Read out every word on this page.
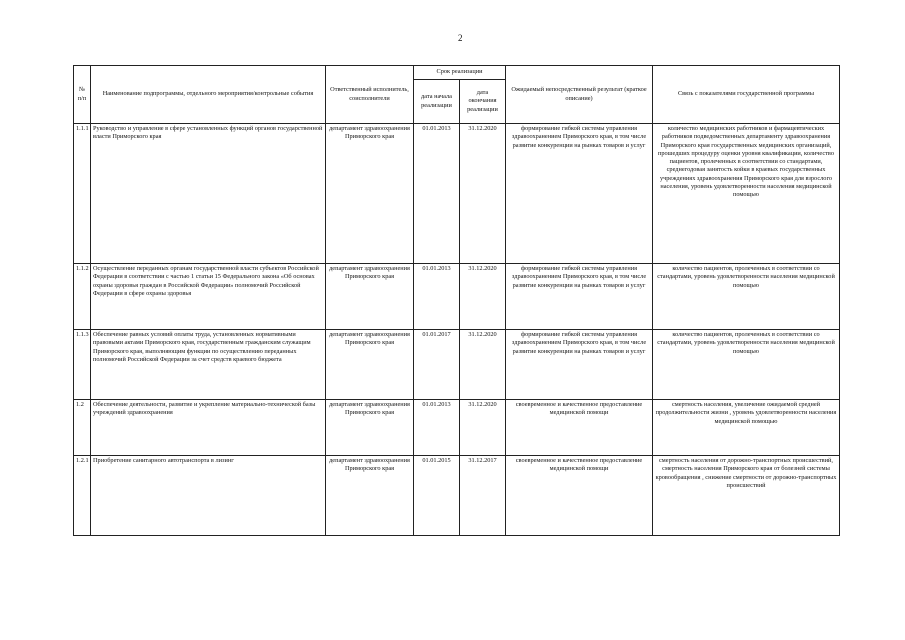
2
№ п/п	Наименование подпрограммы, отдельного мероприятия/контрольные события	Ответственный исполнитель, соисполнители	Срок реализации		Ожидаемый непосредственный результат (краткое описание)	Связь с показателями государственной программы
			дата начала реализации	дата окончания реализации		
1.1.1	Руководство и управление в сфере установленных функций органов государственной власти Приморского края	департамент здравоохранения Приморского края	01.01.2013	31.12.2020	формирование гибкой системы управления здравоохранением Приморского края, в том числе развитие конкуренции на рынках товаров и услуг	количество медицинских работников и фармацевтических работников подведомственных департаменту здравоохранения Приморского края государственных медицинских организаций, прошедших процедуру оценки уровня квалификации, количество пациентов, пролеченных в соответствии со стандартами, среднегодовая занятость койки в краевых государственных учреждениях здравоохранения Приморского края для взрослого населения, уровень удовлетворенности населения медицинской помощью
1.1.2	Осуществление переданных органам государственной власти субъектов Российской Федерации в соответствии с частью 1 статьи 15 Федерального закона «Об основах охраны здоровья граждан в Российской Федерации» полномочий Российской Федерации в сфере охраны здоровья	департамент здравоохранения Приморского края	01.01.2013	31.12.2020	формирование гибкой системы управления здравоохранением Приморского края, в том числе развитие конкуренции на рынках товаров и услуг	количество пациентов, пролеченных в соответствии со стандартами, уровень удовлетворенности населения медицинской помощью
1.1.3	Обеспечение равных условий оплаты труда, установленных нормативными правовыми актами Приморского края, государственным гражданским служащим Приморского края, выполняющим функции по осуществлению переданных полномочий Российской Федерации за счет средств краевого бюджета	департамент здравоохранения Приморского края	01.01.2017	31.12.2020	формирование гибкой системы управления здравоохранением Приморского края, в том числе развитие конкуренции на рынках товаров и услуг	количество пациентов, пролеченных в соответствии со стандартами, уровень удовлетворенности населения медицинской помощью
1.2	Обеспечение деятельности, развитие и укрепление материально-технической базы учреждений здравоохранения	департамент здравоохранения Приморского края	01.01.2013	31.12.2020	своевременное и качественное предоставление медицинской помощи	смертность населения, увеличение ожидаемой средней продолжительности жизни , уровень удовлетворенности населения медицинской помощью
1.2.1	Приобретение санитарного автотранспорта в лизинг	департамент здравоохранения Приморского края	01.01.2015	31.12.2017	своевременное и качественное предоставление медицинской помощи	смертность населения от дорожно-транспортных происшествий, смертность населения Приморского края от болезней системы кровообращения , снижение смертности от дорожно-транспортных происшествий
